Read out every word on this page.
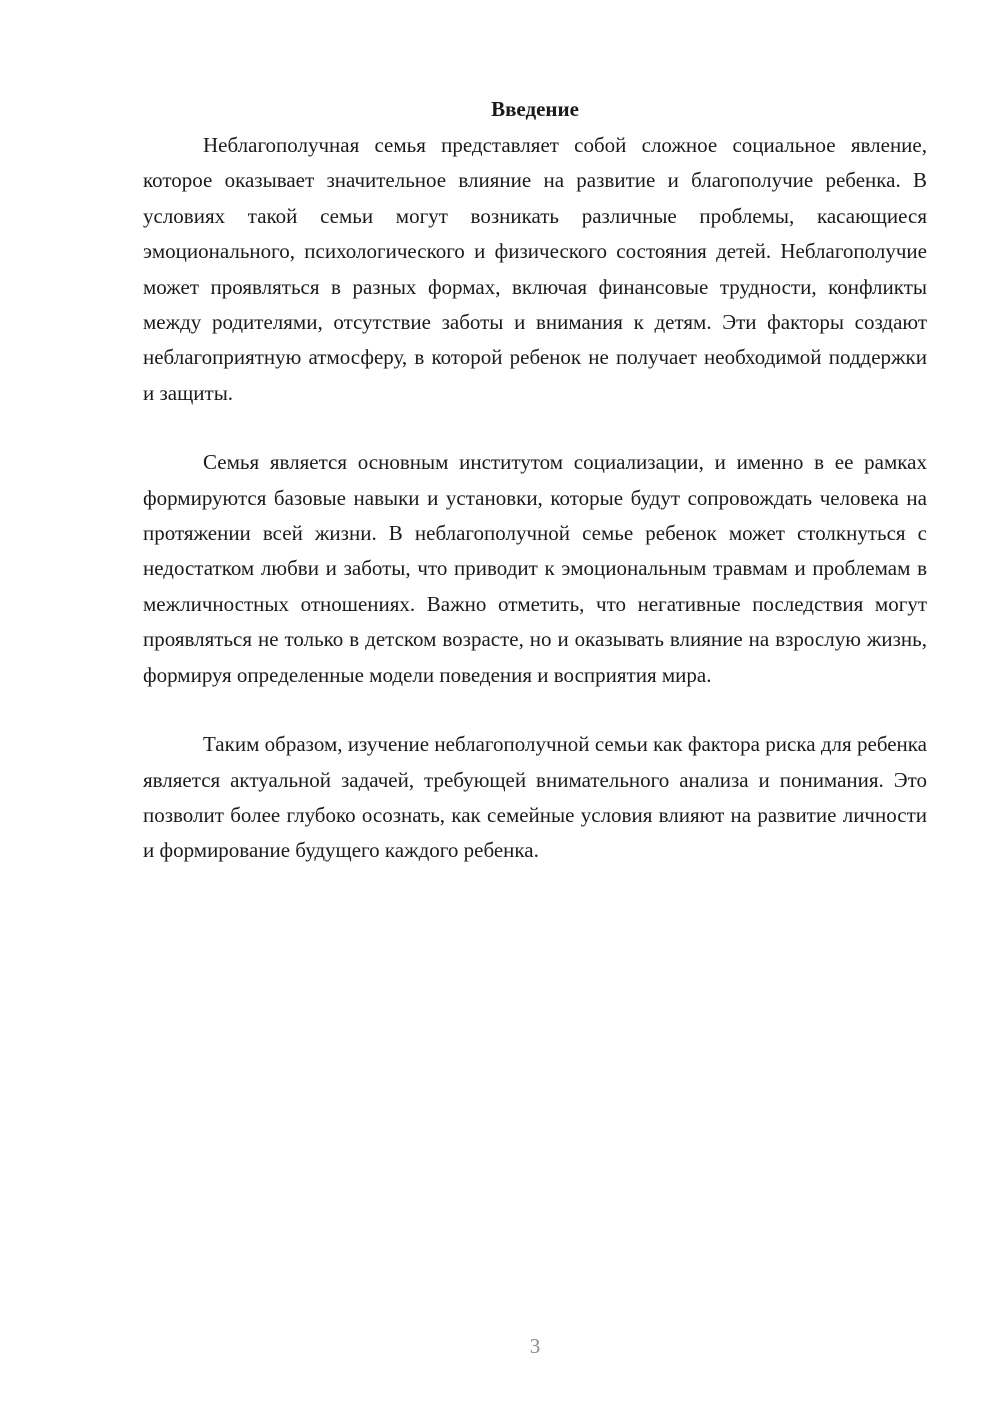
Введение

Неблагополучная семья представляет собой сложное социальное явление, которое оказывает значительное влияние на развитие и благополучие ребенка. В условиях такой семьи могут возникать различные проблемы, касающиеся эмоционального, психологического и физического состояния детей. Неблагополучие может проявляться в разных формах, включая финансовые трудности, конфликты между родителями, отсутствие заботы и внимания к детям. Эти факторы создают неблагоприятную атмосферу, в которой ребенок не получает необходимой поддержки и защиты.

Семья является основным институтом социализации, и именно в ее рамках формируются базовые навыки и установки, которые будут сопровождать человека на протяжении всей жизни. В неблагополучной семье ребенок может столкнуться с недостатком любви и заботы, что приводит к эмоциональным травмам и проблемам в межличностных отношениях. Важно отметить, что негативные последствия могут проявляться не только в детском возрасте, но и оказывать влияние на взрослую жизнь, формируя определенные модели поведения и восприятия мира.

Таким образом, изучение неблагополучной семьи как фактора риска для ребенка является актуальной задачей, требующей внимательного анализа и понимания. Это позволит более глубоко осознать, как семейные условия влияют на развитие личности и формирование будущего каждого ребенка.

3
